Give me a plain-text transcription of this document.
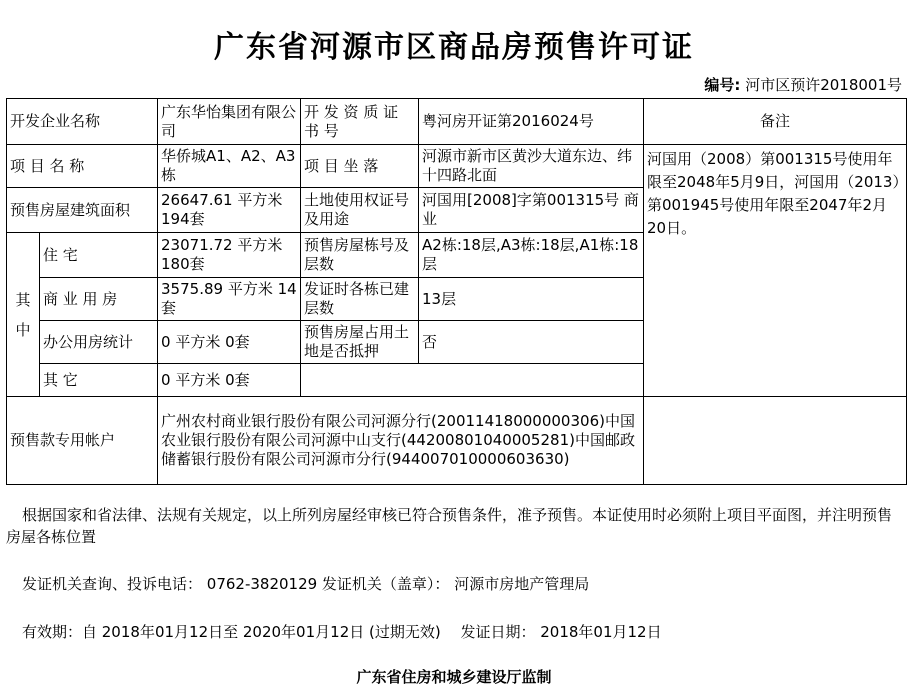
广东省河源市区商品房预售许可证
编号: 河市区预许2018001号
开发企业名称		广东华怡集团有限公司	开 发 资 质 证 书 号	粤河房开证第2016024号	备注
项 目 名 称		华侨城A1、A2、A3栋	项 目 坐 落	河源市新市区黄沙大道东边、纬十四路北面	河国用（2008）第001315号使用年限至2048年5月9日，河国用（2013）第001945号使用年限至2047年2月20日。
预售房屋建筑面积		26647.61 平方米 194套	土地使用权证号及用途	河国用[2008]字第001315号 商业	
其 中	住 宅	23071.72 平方米 180套	预售房屋栋号及层数	A2栋:18层,A3栋:18层,A1栋:18层	
	商 业 用 房	3575.89 平方米 14套	发证时各栋已建层数	13层	
	办公用房统计	0 平方米 0套	预售房屋占用土地是否抵押	否	
	其 它	0 平方米 0套			
预售款专用帐户		广州农村商业银行股份有限公司河源分行(20011418000000306)中国农业银行股份有限公司河源中山支行(44200801040005281)中国邮政储蓄银行股份有限公司河源市分行(944007010000603630)			
根据国家和省法律、法规有关规定，以上所列房屋经审核已符合预售条件，准予预售。本证使用时必须附上项目平面图，并注明预售房屋各栋位置
发证机关查询、投诉电话： 0762-3820129 发证机关（盖章）： 河源市房地产管理局
有效期：自 2018年01月12日至 2020年01月12日 (过期无效)　 发证日期： 2018年01月12日
广东省住房和城乡建设厅监制
